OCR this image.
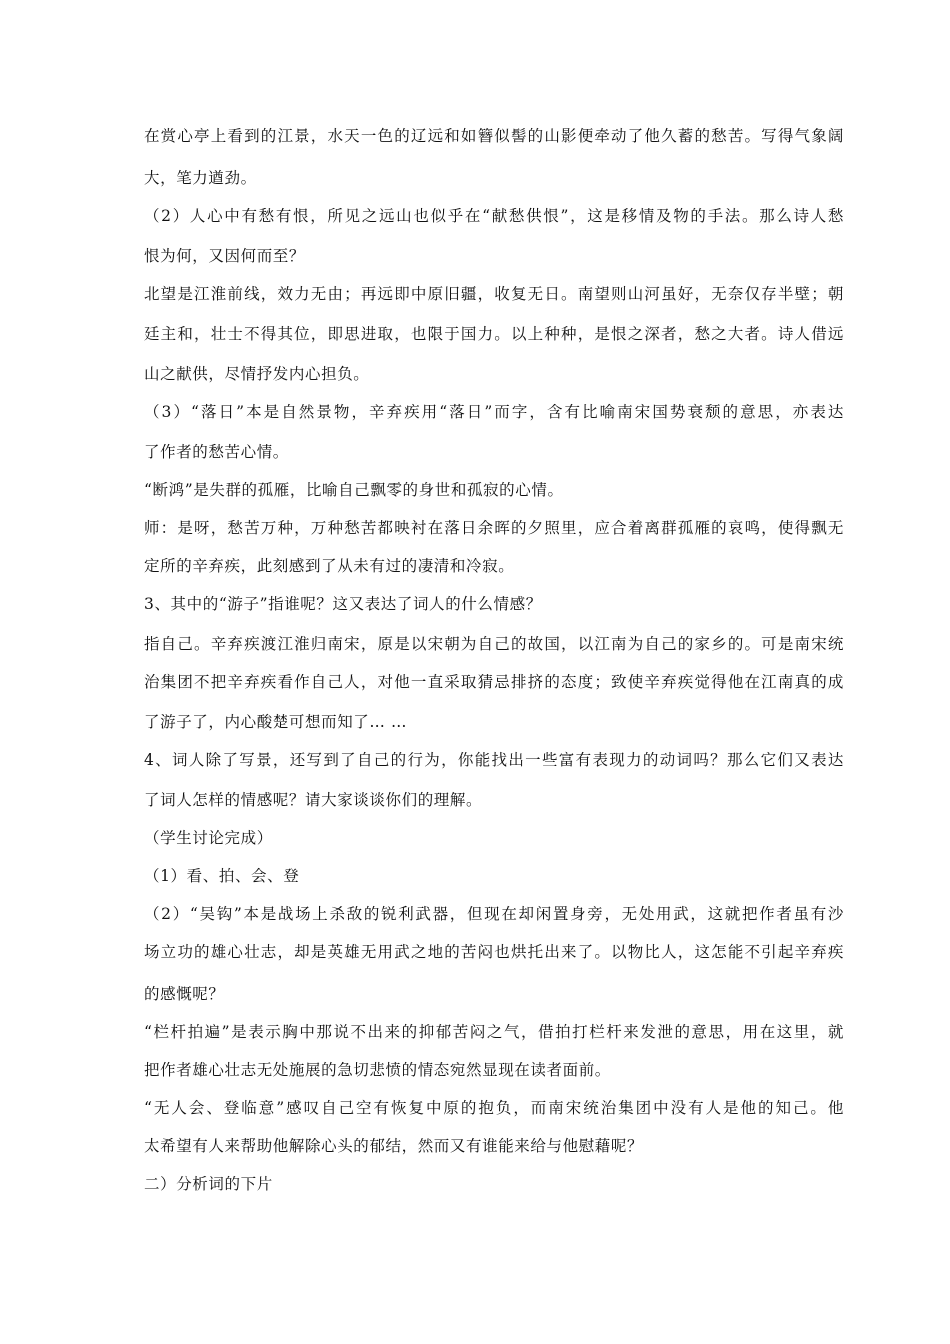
在赏心亭上看到的江景，水天一色的辽远和如簪似髻的山影便牵动了他久蓄的愁苦。写得气象阔
大，笔力遒劲。
（2）人心中有愁有恨，所见之远山也似乎在“献愁供恨”，这是移情及物的手法。那么诗人愁
恨为何，又因何而至？
北望是江淮前线，效力无由；再远即中原旧疆，收复无日。南望则山河虽好，无奈仅存半壁；朝
廷主和，壮士不得其位，即思进取，也限于国力。以上种种，是恨之深者，愁之大者。诗人借远
山之献供，尽情抒发内心担负。
（3）“落日”本是自然景物，辛弃疾用“落日”而字，含有比喻南宋国势衰颓的意思，亦表达
了作者的愁苦心情。
“断鸿”是失群的孤雁，比喻自己飘零的身世和孤寂的心情。
师：是呀，愁苦万种，万种愁苦都映衬在落日余晖的夕照里，应合着离群孤雁的哀鸣，使得飘无
定所的辛弃疾，此刻感到了从未有过的凄清和冷寂。
3、其中的“游子”指谁呢？这又表达了词人的什么情感？
指自己。辛弃疾渡江淮归南宋，原是以宋朝为自己的故国，以江南为自己的家乡的。可是南宋统
治集团不把辛弃疾看作自己人，对他一直采取猜忌排挤的态度；致使辛弃疾觉得他在江南真的成
了游子了，内心酸楚可想而知了… …
4、词人除了写景，还写到了自己的行为，你能找出一些富有表现力的动词吗？那么它们又表达
了词人怎样的情感呢？请大家谈谈你们的理解。
（学生讨论完成）
（1）看、拍、会、登
（2）“吴钩”本是战场上杀敌的锐利武器，但现在却闲置身旁，无处用武，这就把作者虽有沙
场立功的雄心壮志，却是英雄无用武之地的苦闷也烘托出来了。以物比人，这怎能不引起辛弃疾
的感慨呢？
“栏杆拍遍”是表示胸中那说不出来的抑郁苦闷之气，借拍打栏杆来发泄的意思，用在这里，就
把作者雄心壮志无处施展的急切悲愤的情态宛然显现在读者面前。
“无人会、登临意”感叹自己空有恢复中原的抱负，而南宋统治集团中没有人是他的知己。他
太希望有人来帮助他解除心头的郁结，然而又有谁能来给与他慰藉呢？
二）分析词的下片
